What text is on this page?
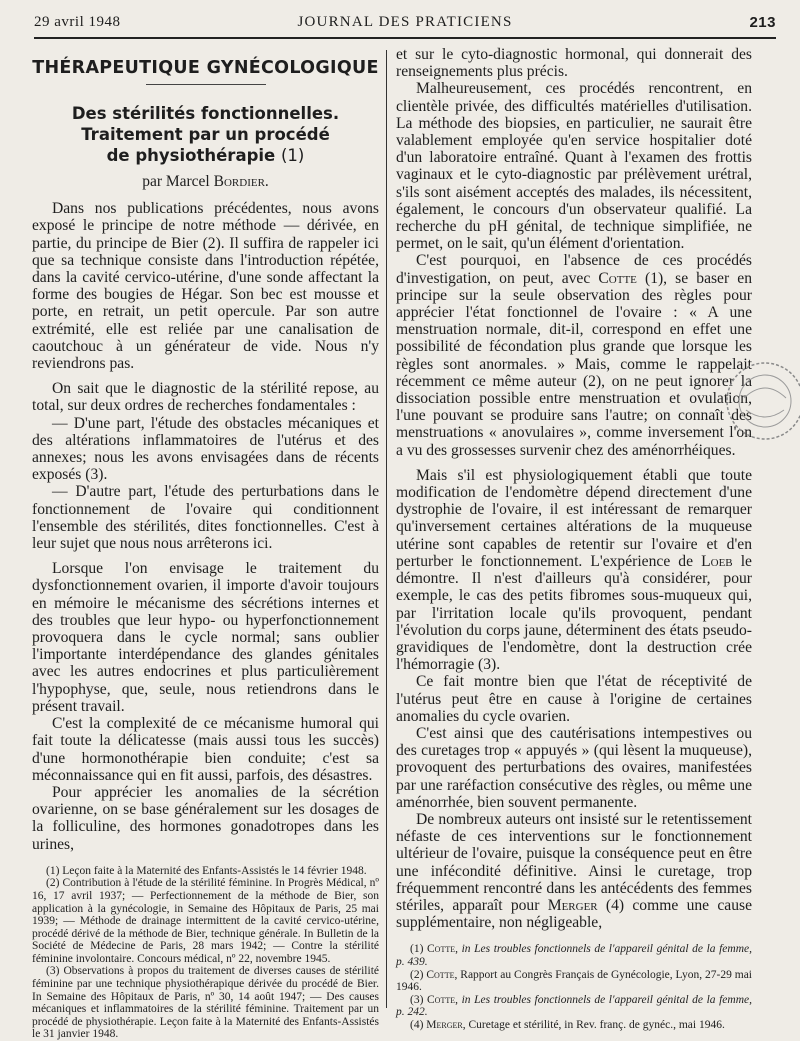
29 avril 1948	JOURNAL DES PRATICIENS	213
THÉRAPEUTIQUE GYNÉCOLOGIQUE
Des stérilités fonctionnelles.
Traitement par un procédé
de physiothérapie (1)
par Marcel Bordier.

Dans nos publications précédentes, nous avons exposé le principe de notre méthode — dérivée, en partie, du principe de Bier (2). Il suffira de rappeler ici que sa technique consiste dans l'introduction répétée, dans la cavité cervico-utérine, d'une sonde affectant la forme des bougies de Hégar. Son bec est mousse et porte, en retrait, un petit opercule. Par son autre extrémité, elle est reliée par une canalisation de caoutchouc à un générateur de vide. Nous n'y reviendrons pas.

On sait que le diagnostic de la stérilité repose, au total, sur deux ordres de recherches fondamentales :

— D'une part, l'étude des obstacles mécaniques et des altérations inflammatoires de l'utérus et des annexes; nous les avons envisagées dans de récents exposés (3).

— D'autre part, l'étude des perturbations dans le fonctionnement de l'ovaire qui conditionnent l'ensemble des stérilités, dites fonctionnelles. C'est à leur sujet que nous nous arrêterons ici.

Lorsque l'on envisage le traitement du dysfonctionnement ovarien, il importe d'avoir toujours en mémoire le mécanisme des sécrétions internes et des troubles que leur hypo- ou hyperfonctionnement provoquera dans le cycle normal; sans oublier l'importante interdépendance des glandes génitales avec les autres endocrines et plus particulièrement l'hypophyse, que, seule, nous retiendrons dans le présent travail.

C'est la complexité de ce mécanisme humoral qui fait toute la délicatesse (mais aussi tous les succès) d'une hormonothérapie bien conduite; c'est sa méconnaissance qui en fit aussi, parfois, des désastres.

Pour apprécier les anomalies de la sécrétion ovarienne, on se base généralement sur les dosages de la folliculine, des hormones gonadotropes dans les urines,

(1) Leçon faite à la Maternité des Enfants-Assistés le 14 février 1948.
(2) Contribution à l'étude de la stérilité féminine. In Progrès Médical, nº 16, 17 avril 1937; — Perfectionnement de la méthode de Bier, son application à la gynécologie, in Semaine des Hôpitaux de Paris, 25 mai 1939; — Méthode de drainage intermittent de la cavité cervico-utérine, procédé dérivé de la méthode de Bier, technique générale. In Bulletin de la Société de Médecine de Paris, 28 mars 1942; — Contre la stérilité féminine involontaire. Concours médical, nº 22, novembre 1945.
(3) Observations à propos du traitement de diverses causes de stérilité féminine par une technique physiothérapique dérivée du procédé de Bier. In Semaine des Hôpitaux de Paris, nº 30, 14 août 1947; — Des causes mécaniques et inflammatoires de la stérilité féminine. Traitement par un procédé de physiothérapie. Leçon faite à la Maternité des Enfants-Assistés le 31 janvier 1948.

et sur le cyto-diagnostic hormonal, qui donnerait des renseignements plus précis.

Malheureusement, ces procédés rencontrent, en clientèle privée, des difficultés matérielles d'utilisation. La méthode des biopsies, en particulier, ne saurait être valablement employée qu'en service hospitalier doté d'un laboratoire entraîné. Quant à l'examen des frottis vaginaux et le cyto-diagnostic par prélèvement urétral, s'ils sont aisément acceptés des malades, ils nécessitent, également, le concours d'un observateur qualifié. La recherche du pH génital, de technique simplifiée, ne permet, on le sait, qu'un élément d'orientation.

C'est pourquoi, en l'absence de ces procédés d'investigation, on peut, avec Cotte (1), se baser en principe sur la seule observation des règles pour apprécier l'état fonctionnel de l'ovaire : « A une menstruation normale, dit-il, correspond en effet une possibilité de fécondation plus grande que lorsque les règles sont anormales. » Mais, comme le rappelait récemment ce même auteur (2), on ne peut ignorer la dissociation possible entre menstruation et ovulation, l'une pouvant se produire sans l'autre; on connaît des menstruations « anovulaires », comme inversement l'on a vu des grossesses survenir chez des aménorrhéiques.

Mais s'il est physiologiquement établi que toute modification de l'endomètre dépend directement d'une dystrophie de l'ovaire, il est intéressant de remarquer qu'inversement certaines altérations de la muqueuse utérine sont capables de retentir sur l'ovaire et d'en perturber le fonctionnement. L'expérience de Loeb le démontre. Il n'est d'ailleurs qu'à considérer, pour exemple, le cas des petits fibromes sous-muqueux qui, par l'irritation locale qu'ils provoquent, pendant l'évolution du corps jaune, déterminent des états pseudo-gravidiques de l'endomètre, dont la destruction crée l'hémorragie (3).

Ce fait montre bien que l'état de réceptivité de l'utérus peut être en cause à l'origine de certaines anomalies du cycle ovarien.

C'est ainsi que des cautérisations intempestives ou des curetages trop « appuyés » (qui lèsent la muqueuse), provoquent des perturbations des ovaires, manifestées par une raréfaction consécutive des règles, ou même une aménorrhée, bien souvent permanente.

De nombreux auteurs ont insisté sur le retentissement néfaste de ces interventions sur le fonctionnement ultérieur de l'ovaire, puisque la conséquence peut en être une infécondité définitive. Ainsi le curetage, trop fréquemment rencontré dans les antécédents des femmes stériles, apparaît pour Merger (4) comme une cause supplémentaire, non négligeable,

(1) Cotte, in Les troubles fonctionnels de l'appareil génital de la femme, p. 439.
(2) Cotte, Rapport au Congrès Français de Gynécologie, Lyon, 27-29 mai 1946.
(3) Cotte, in Les troubles fonctionnels de l'appareil génital de la femme, p. 242.
(4) Merger, Curetage et stérilité, in Rev. franç. de gynéc., mai 1946.
